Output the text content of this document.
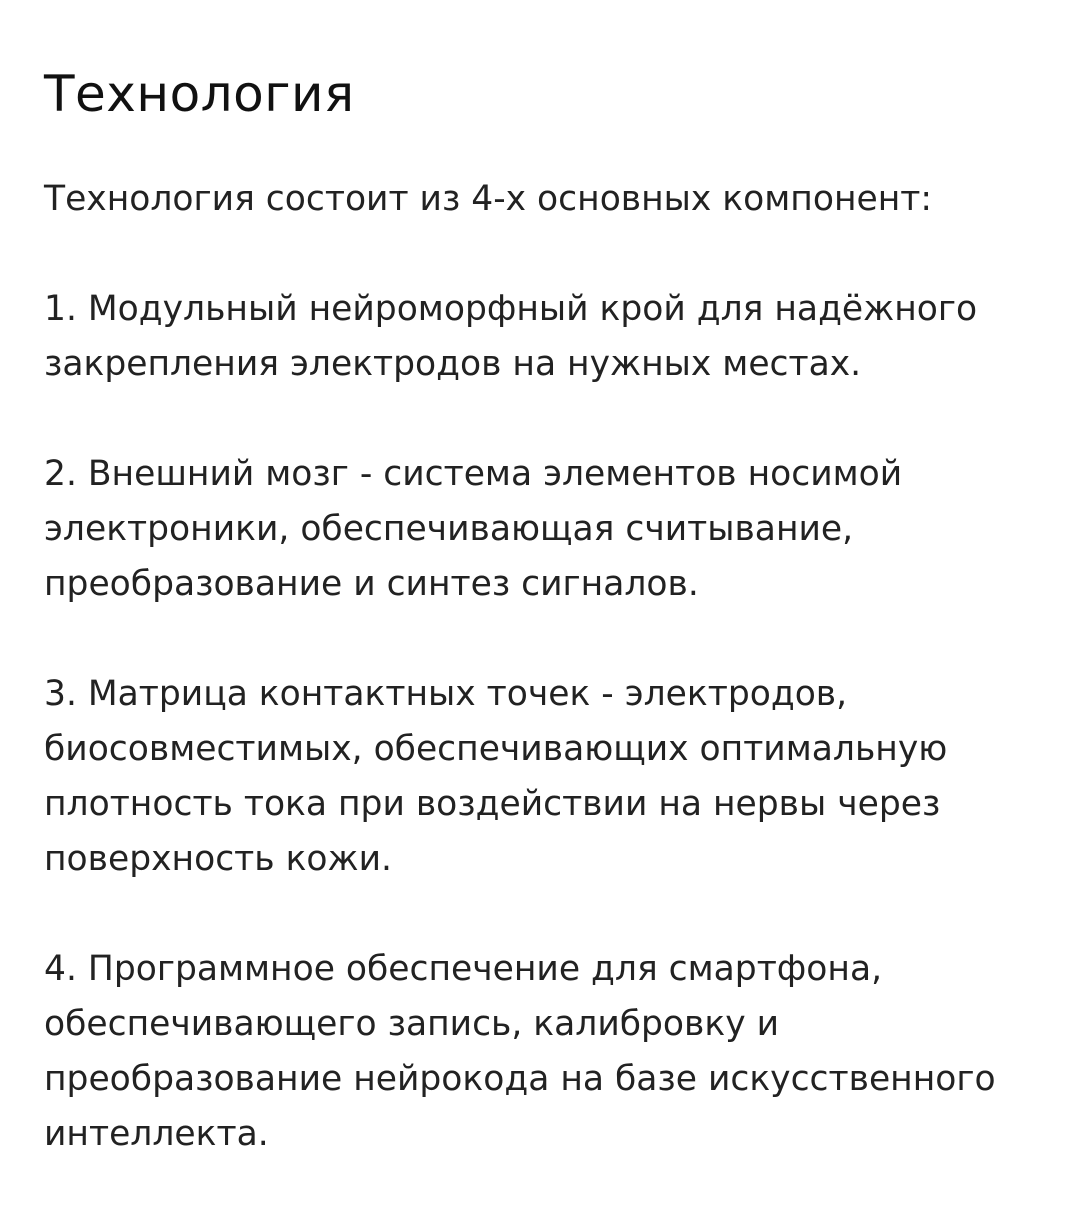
Технология

Технология состоит из 4-х основных компонент:

1. Модульный нейроморфный крой для надёжного закрепления электродов на нужных местах.

2. Внешний мозг - система элементов носимой электроники, обеспечивающая считывание, преобразование и синтез сигналов.

3. Матрица контактных точек - электродов, биосовместимых, обеспечивающих оптимальную плотность тока при воздействии на нервы через поверхность кожи.

4. Программное обеспечение для смартфона, обеспечивающего запись, калибровку и преобразование нейрокода на базе искусственного интеллекта.
